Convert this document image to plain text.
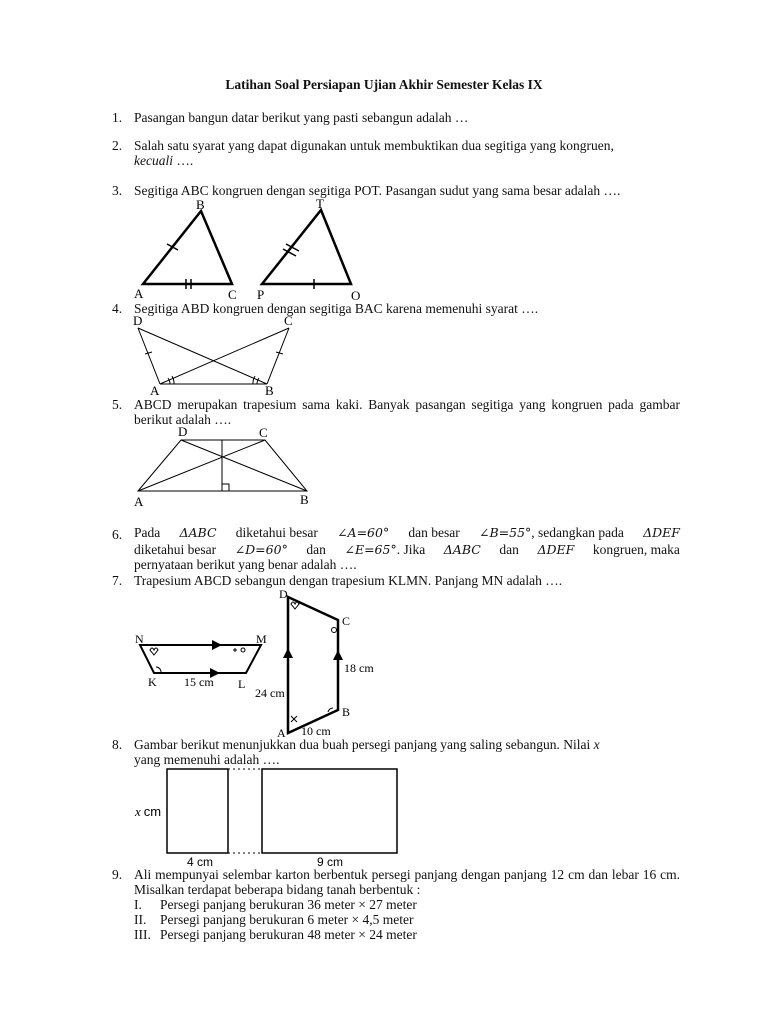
Latihan Soal Persiapan Ujian Akhir Semester Kelas IX
1. Pasangan bangun datar berikut yang pasti sebangun adalah …
2. Salah satu syarat yang dapat digunakan untuk membuktikan dua segitiga yang kongruen,
kecuali ….
3. Segitiga ABC kongruen dengan segitiga POT. Pasangan sudut yang sama besar adalah ….
B
A	C
T
P	O
4. Segitiga ABD kongruen dengan segitiga BAC karena memenuhi syarat ….
D	C
A	B
5. ABCD merupakan trapesium sama kaki. Banyak pasangan segitiga yang kongruen pada gambar berikut adalah ….
D	C
A	B
6. Pada ΔABC diketahui besar ∠A=60° dan besar ∠B=55°, sedangkan pada ΔDEF
diketahui besar ∠D=60° dan ∠E=65°. Jika ΔABC dan ΔDEF kongruen, maka
pernyataan berikut yang benar adalah ….
7. Trapesium ABCD sebangun dengan trapesium KLMN. Panjang MN adalah ….
N	M
K	L
15 cm
D
C
18 cm
24 cm
B
A 10 cm
8. Gambar berikut menunjukkan dua buah persegi panjang yang saling sebangun. Nilai x
yang memenuhi adalah ….
x cm
4 cm	9 cm
9. Ali mempunyai selembar karton berbentuk persegi panjang dengan panjang 12 cm dan lebar 16 cm. Misalkan terdapat beberapa bidang tanah berbentuk :
I. Persegi panjang berukuran 36 meter × 27 meter
II. Persegi panjang berukuran 6 meter × 4,5 meter
III. Persegi panjang berukuran 48 meter × 24 meter
